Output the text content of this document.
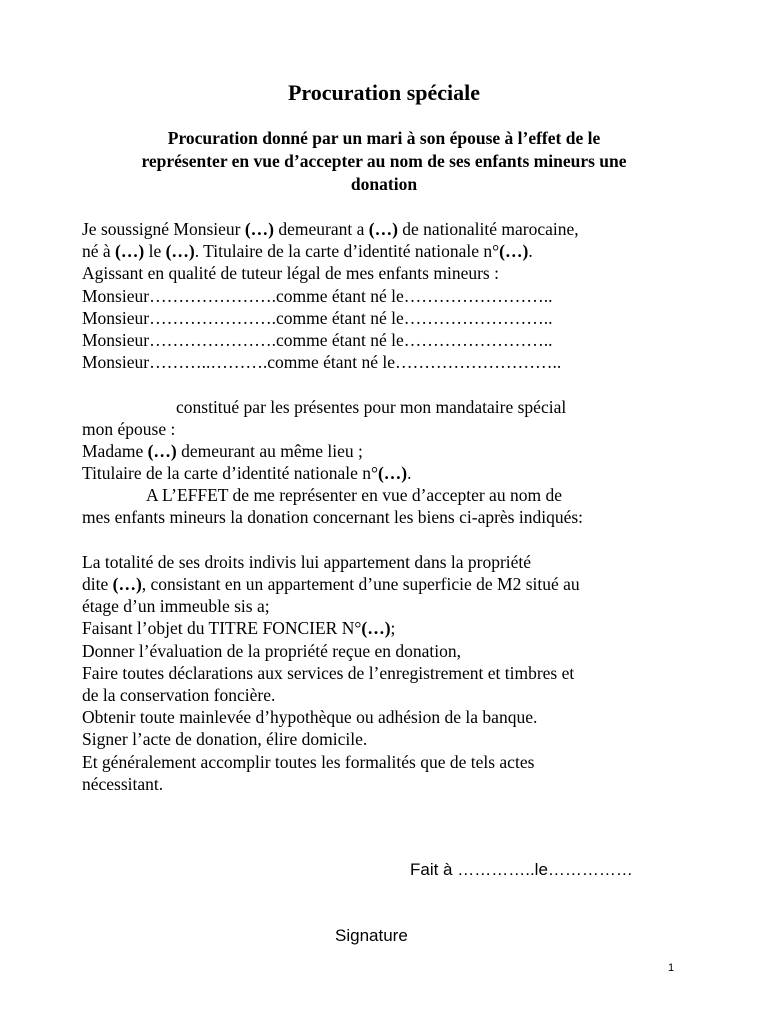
Procuration spéciale
Procuration donné par un mari à son épouse à l’effet de le
représenter en vue d’accepter au nom de ses enfants mineurs une
donation
Je soussigné Monsieur (…) demeurant a (…) de nationalité marocaine,
né à (…) le (…). Titulaire de la carte d’identité nationale n°(…).
Agissant en qualité de tuteur légal de mes enfants mineurs :
Monsieur………………….comme étant né le……………………..
Monsieur………………….comme étant né le……………………..
Monsieur………………….comme étant né le……………………..
Monsieur………..……….comme étant né le………………………..
constitué par les présentes pour mon mandataire spécial
mon épouse :
Madame (…) demeurant au même lieu ;
Titulaire de la carte d’identité nationale n°(…).
A L’EFFET de me représenter en vue d’accepter au nom de
mes enfants mineurs la donation concernant les biens ci-après indiqués:
La totalité de ses droits indivis lui appartement dans la propriété
dite (…), consistant en un appartement d’une superficie de M2 situé au
étage d’un immeuble sis a;
Faisant l’objet du TITRE FONCIER N°(…);
Donner l’évaluation de la propriété reçue en donation,
Faire toutes déclarations aux services de l’enregistrement et timbres et
de la conservation foncière.
Obtenir toute mainlevée d’hypothèque ou adhésion de la banque.
Signer l’acte de donation, élire domicile.
Et généralement accomplir toutes les formalités que de tels actes
nécessitant.
Fait à …………..le……………
Signature
1
